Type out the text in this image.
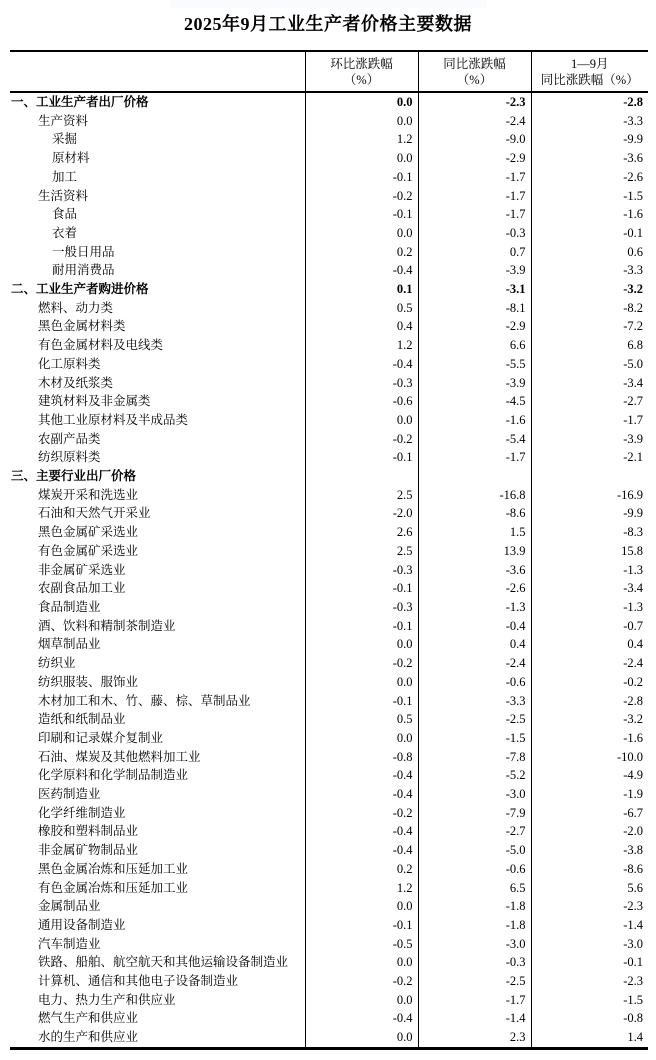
2025年9月工业生产者价格主要数据

环比涨跌幅
（%）

同比涨跌幅
（%）

1—9月
同比涨跌幅（%）

一、工业生产者出厂价格	0.0	-2.3	-2.8
生产资料	0.0	-2.4	-3.3
采掘	1.2	-9.0	-9.9
原材料	0.0	-2.9	-3.6
加工	-0.1	-1.7	-2.6
生活资料	-0.2	-1.7	-1.5
食品	-0.1	-1.7	-1.6
衣着	0.0	-0.3	-0.1
一般日用品	0.2	0.7	0.6
耐用消费品	-0.4	-3.9	-3.3
二、工业生产者购进价格	0.1	-3.1	-3.2
燃料、动力类	0.5	-8.1	-8.2
黑色金属材料类	0.4	-2.9	-7.2
有色金属材料及电线类	1.2	6.6	6.8
化工原料类	-0.4	-5.5	-5.0
木材及纸浆类	-0.3	-3.9	-3.4
建筑材料及非金属类	-0.6	-4.5	-2.7
其他工业原材料及半成品类	0.0	-1.6	-1.7
农副产品类	-0.2	-5.4	-3.9
纺织原料类	-0.1	-1.7	-2.1
三、主要行业出厂价格			
煤炭开采和洗选业	2.5	-16.8	-16.9
石油和天然气开采业	-2.0	-8.6	-9.9
黑色金属矿采选业	2.6	1.5	-8.3
有色金属矿采选业	2.5	13.9	15.8
非金属矿采选业	-0.3	-3.6	-1.3
农副食品加工业	-0.1	-2.6	-3.4
食品制造业	-0.3	-1.3	-1.3
酒、饮料和精制茶制造业	-0.1	-0.4	-0.7
烟草制品业	0.0	0.4	0.4
纺织业	-0.2	-2.4	-2.4
纺织服装、服饰业	0.0	-0.6	-0.2
木材加工和木、竹、藤、棕、草制品业	-0.1	-3.3	-2.8
造纸和纸制品业	0.5	-2.5	-3.2
印刷和记录媒介复制业	0.0	-1.5	-1.6
石油、煤炭及其他燃料加工业	-0.8	-7.8	-10.0
化学原料和化学制品制造业	-0.4	-5.2	-4.9
医药制造业	-0.4	-3.0	-1.9
化学纤维制造业	-0.2	-7.9	-6.7
橡胶和塑料制品业	-0.4	-2.7	-2.0
非金属矿物制品业	-0.4	-5.0	-3.8
黑色金属冶炼和压延加工业	0.2	-0.6	-8.6
有色金属冶炼和压延加工业	1.2	6.5	5.6
金属制品业	0.0	-1.8	-2.3
通用设备制造业	-0.1	-1.8	-1.4
汽车制造业	-0.5	-3.0	-3.0
铁路、船舶、航空航天和其他运输设备制造业	0.0	-0.3	-0.1
计算机、通信和其他电子设备制造业	-0.2	-2.5	-2.3
电力、热力生产和供应业	0.0	-1.7	-1.5
燃气生产和供应业	-0.4	-1.4	-0.8
水的生产和供应业	0.0	2.3	1.4
